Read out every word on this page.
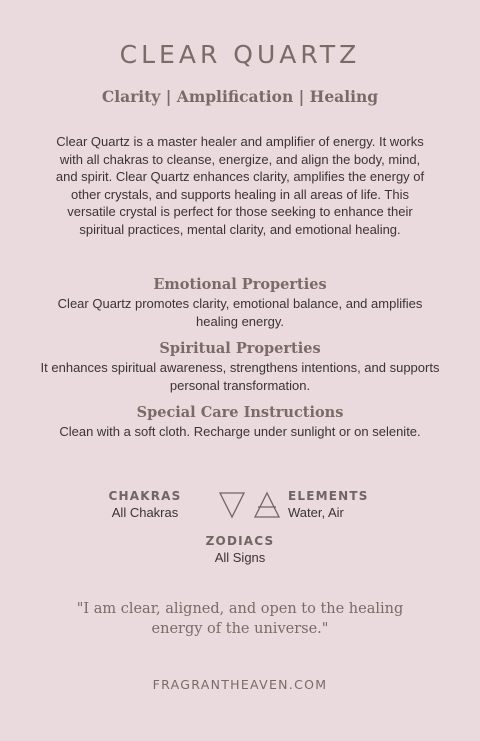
CLEAR QUARTZ
Clarity | Amplification | Healing
Clear Quartz is a master healer and amplifier of energy. It works with all chakras to cleanse, energize, and align the body, mind, and spirit. Clear Quartz enhances clarity, amplifies the energy of other crystals, and supports healing in all areas of life. This versatile crystal is perfect for those seeking to enhance their spiritual practices, mental clarity, and emotional healing.
Emotional Properties

Clear Quartz promotes clarity, emotional balance, and amplifies healing energy.

Spiritual Properties

It enhances spiritual awareness, strengthens intentions, and supports personal transformation.

Special Care Instructions

Clean with a soft cloth. Recharge under sunlight or on selenite.

CHAKRAS
All Chakras
ELEMENTS
Water, Air
ZODIACS
All Signs
"I am clear, aligned, and open to the healing energy of the universe."
FRAGRANTHEAVEN.COM
